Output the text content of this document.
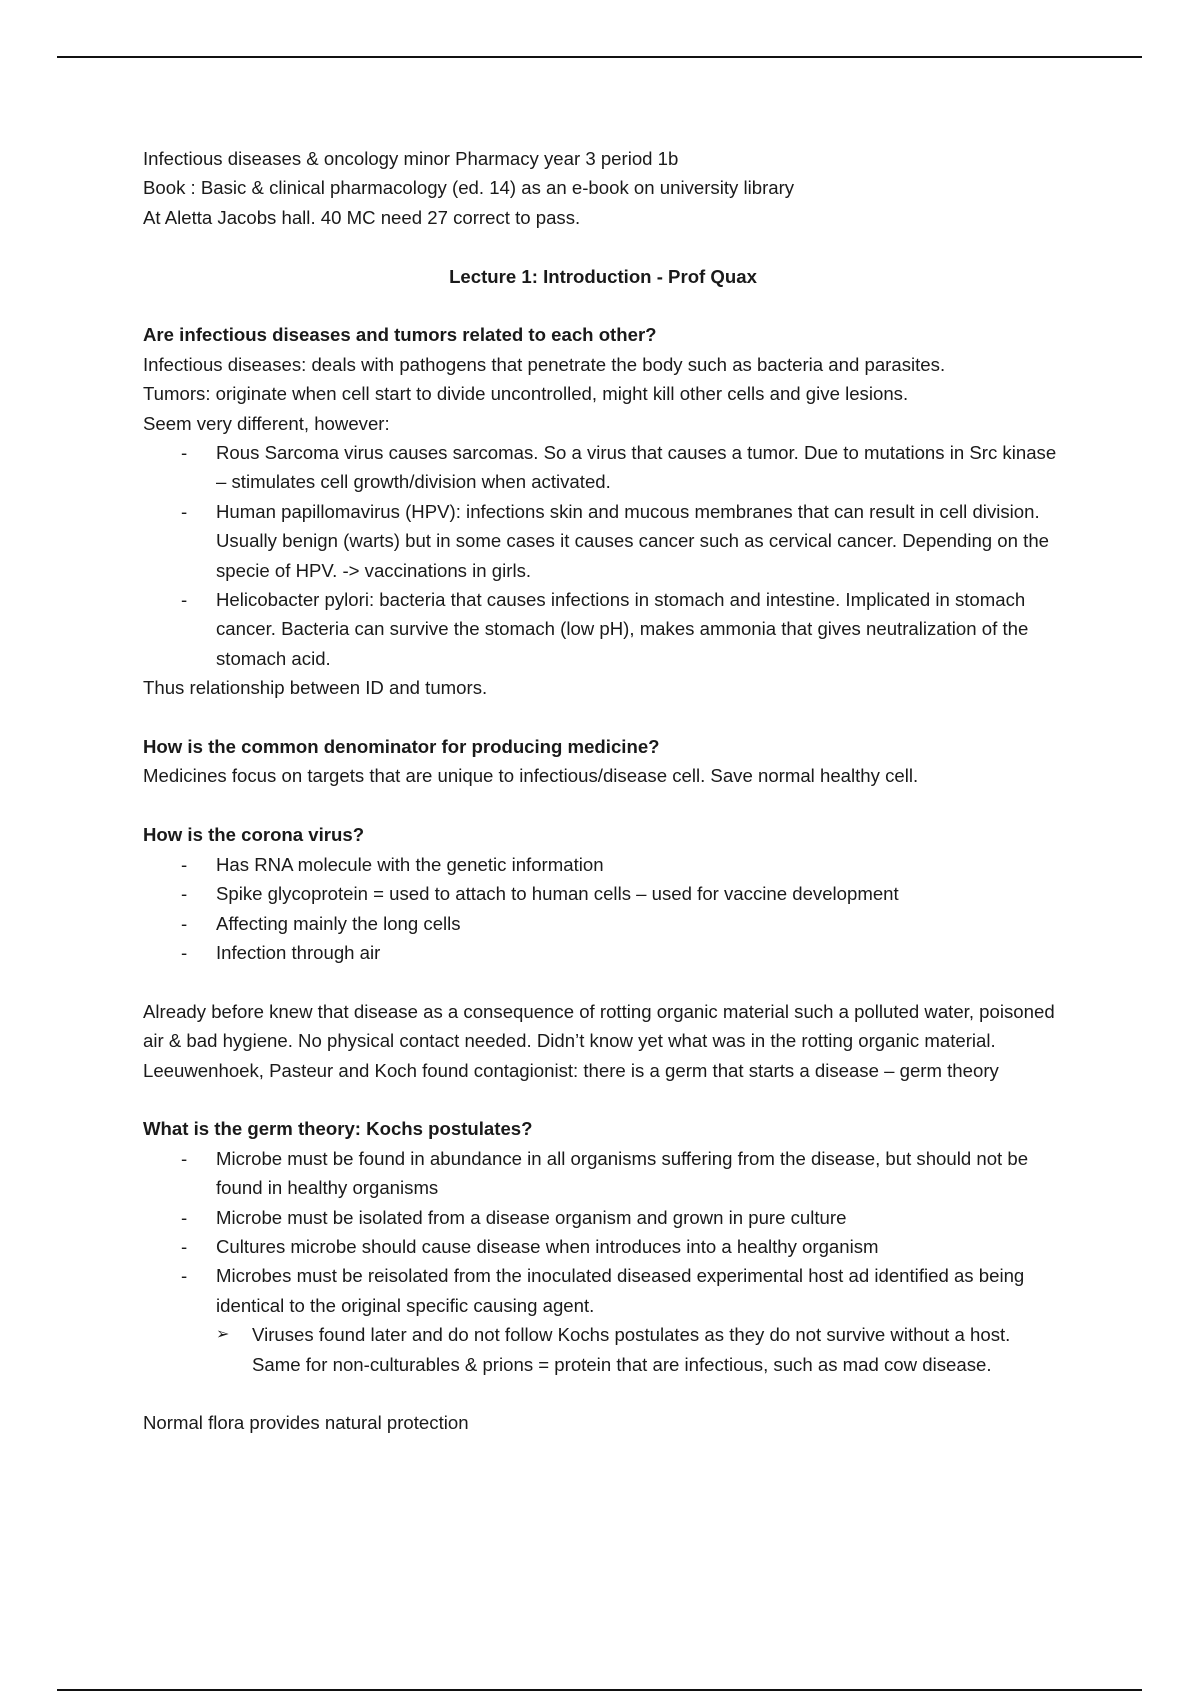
Infectious diseases & oncology minor Pharmacy year 3 period 1b

Book : Basic & clinical pharmacology (ed. 14) as an e-book on university library

At Aletta Jacobs hall. 40 MC need 27 correct to pass.

Lecture 1: Introduction - Prof Quax

Are infectious diseases and tumors related to each other?

Infectious diseases: deals with pathogens that penetrate the body such as bacteria and parasites.

Tumors: originate when cell start to divide uncontrolled, might kill other cells and give lesions.

Seem very different, however:

- Rous Sarcoma virus causes sarcomas. So a virus that causes a tumor. Due to mutations in Src kinase – stimulates cell growth/division when activated.
- Human papillomavirus (HPV): infections skin and mucous membranes that can result in cell division. Usually benign (warts) but in some cases it causes cancer such as cervical cancer. Depending on the specie of HPV. -> vaccinations in girls.
- Helicobacter pylori: bacteria that causes infections in stomach and intestine. Implicated in stomach cancer. Bacteria can survive the stomach (low pH), makes ammonia that gives neutralization of the stomach acid.

Thus relationship between ID and tumors.

How is the common denominator for producing medicine?

Medicines focus on targets that are unique to infectious/disease cell. Save normal healthy cell.

How is the corona virus?

- Has RNA molecule with the genetic information
- Spike glycoprotein = used to attach to human cells – used for vaccine development
- Affecting mainly the long cells
- Infection through air

Already before knew that disease as a consequence of rotting organic material such a polluted water, poisoned air & bad hygiene. No physical contact needed. Didn’t know yet what was in the rotting organic material.

Leeuwenhoek, Pasteur and Koch found contagionist: there is a germ that starts a disease – germ theory

What is the germ theory: Kochs postulates?

- Microbe must be found in abundance in all organisms suffering from the disease, but should not be found in healthy organisms
- Microbe must be isolated from a disease organism and grown in pure culture
- Cultures microbe should cause disease when introduces into a healthy organism
- Microbes must be reisolated from the inoculated diseased experimental host ad identified as being identical to the original specific causing agent.
➢ Viruses found later and do not follow Kochs postulates as they do not survive without a host. Same for non-culturables & prions = protein that are infectious, such as mad cow disease.

Normal flora provides natural protection
